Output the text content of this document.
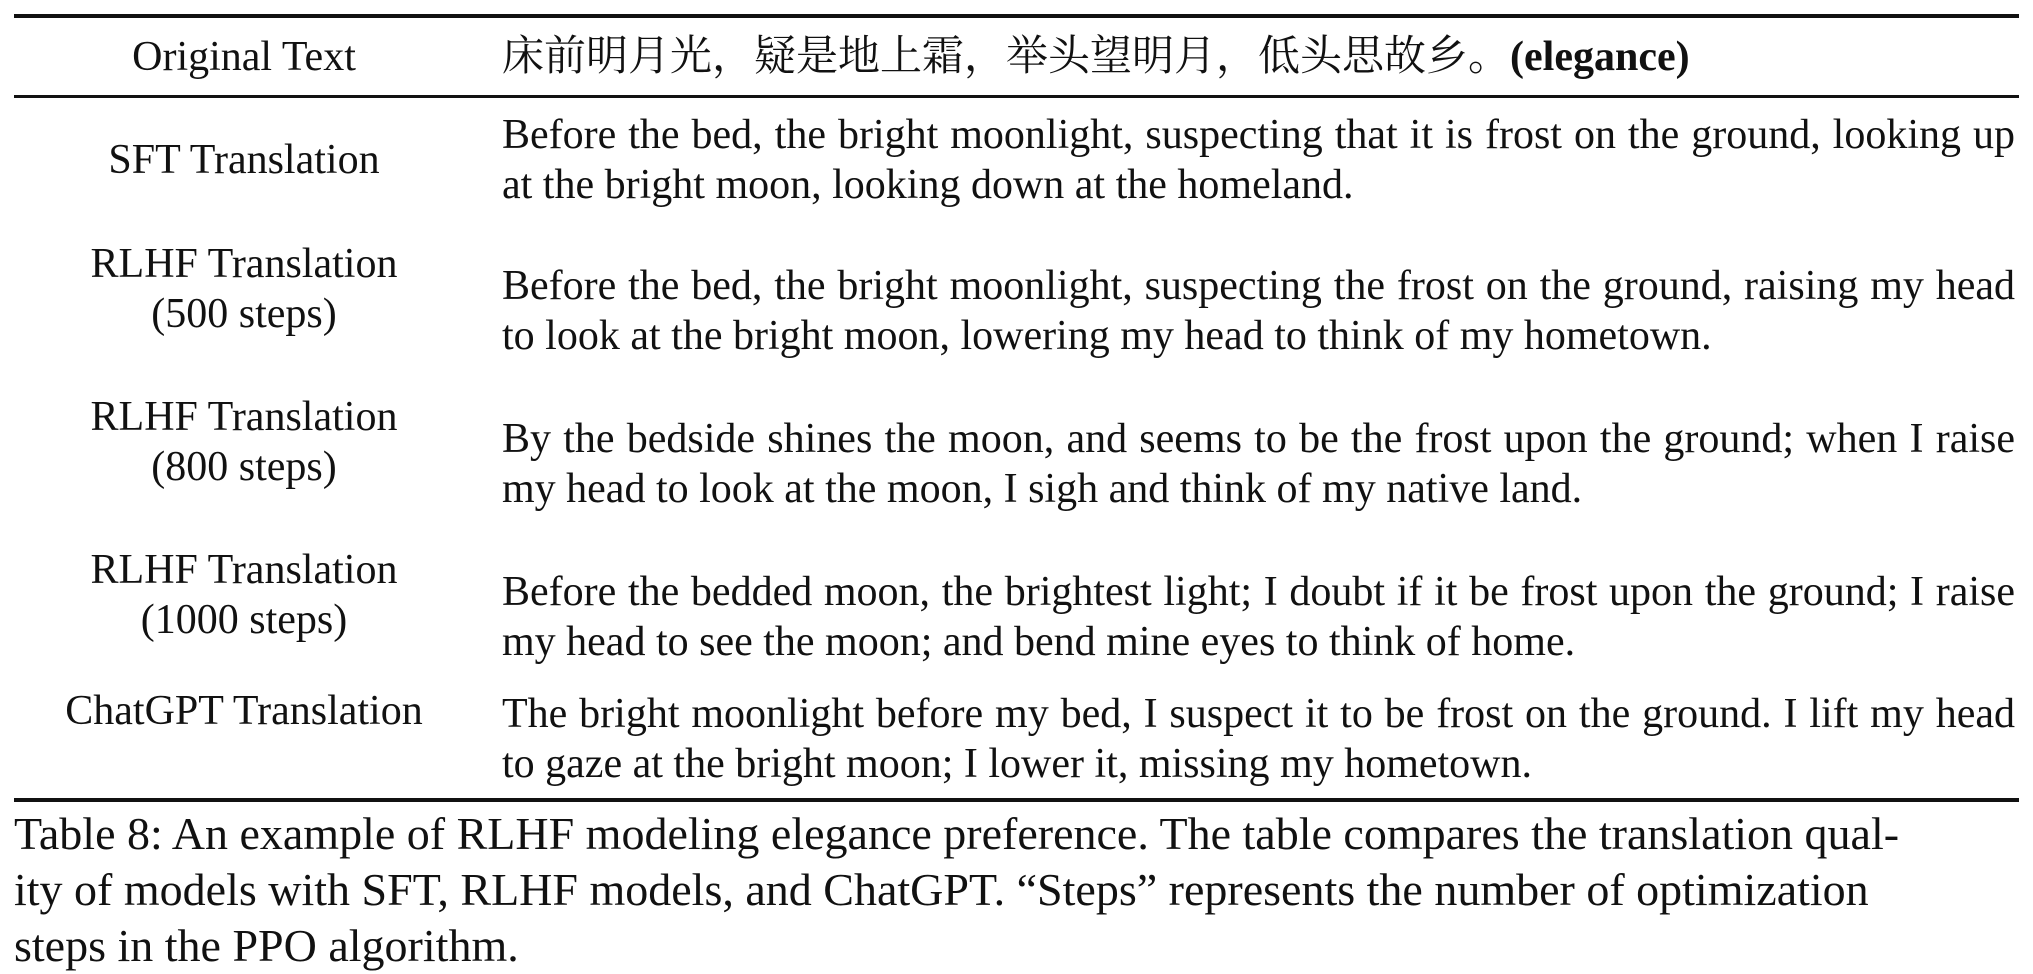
Original Text	床前明月光，疑是地上霜，举头望明月，低头思故乡。(elegance)

SFT Translation	Before the bed, the bright moonlight, suspecting that it is frost on the ground, looking up at the bright moon, looking down at the homeland.

RLHF Translation
(500 steps)	Before the bed, the bright moonlight, suspecting the frost on the ground, raising my head to look at the bright moon, lowering my head to think of my hometown.

RLHF Translation
(800 steps)	By the bedside shines the moon, and seems to be the frost upon the ground; when I raise my head to look at the moon, I sigh and think of my native land.

RLHF Translation
(1000 steps)	Before the bedded moon, the brightest light; I doubt if it be frost upon the ground; I raise my head to see the moon; and bend mine eyes to think of home.

ChatGPT Translation	The bright moonlight before my bed, I suspect it to be frost on the ground. I lift my head to gaze at the bright moon; I lower it, missing my hometown.
Table 8: An example of RLHF modeling elegance preference. The table compares the translation qual-
ity of models with SFT, RLHF models, and ChatGPT. “Steps” represents the number of optimization
steps in the PPO algorithm.
